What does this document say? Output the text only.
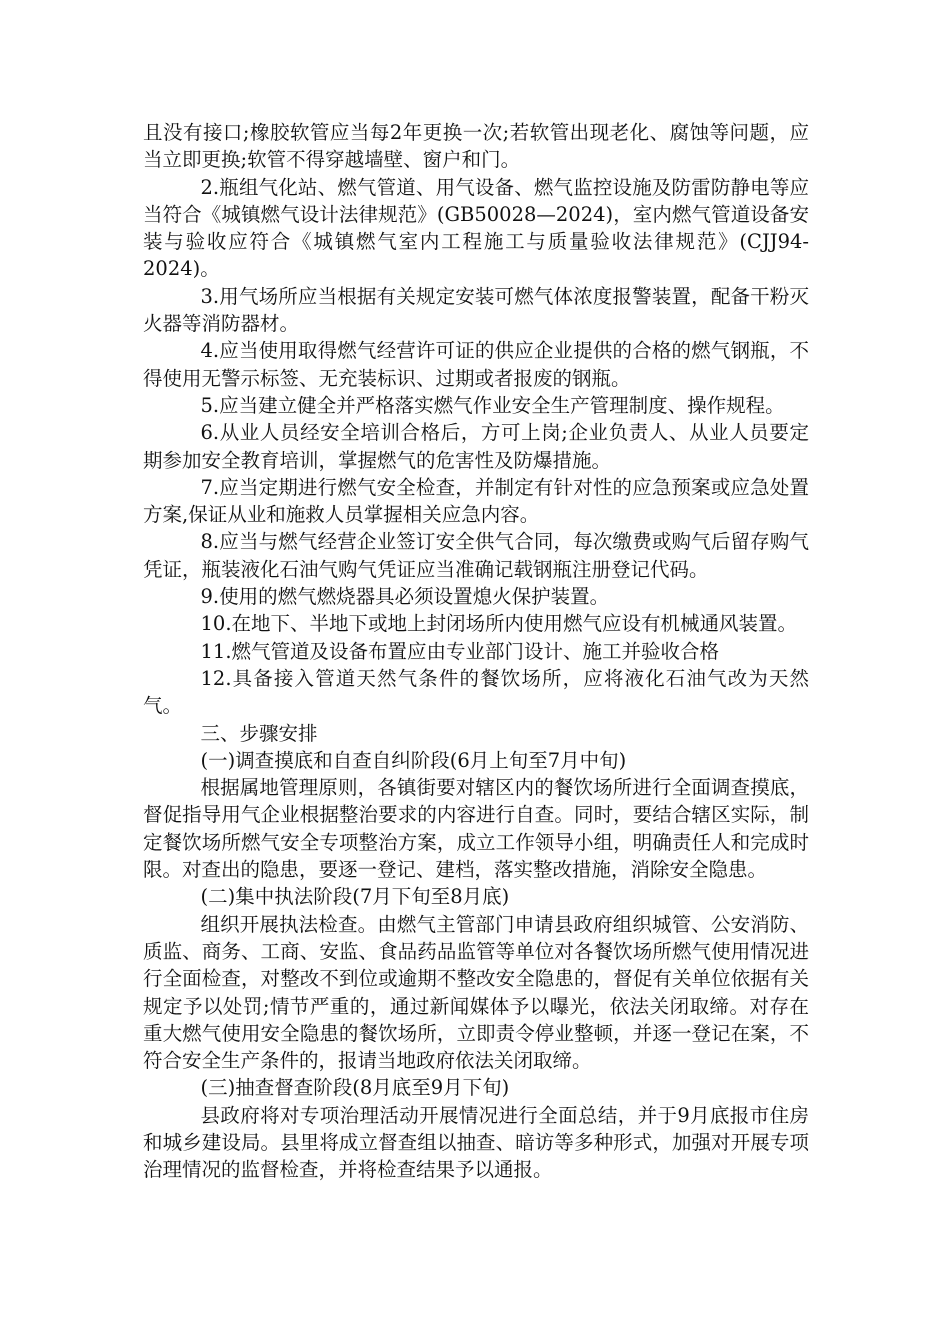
且没有接口;橡胶软管应当每2年更换一次;若软管出现老化、腐蚀等问题，应当立即更换;软管不得穿越墙壁、窗户和门。

2.瓶组气化站、燃气管道、用气设备、燃气监控设施及防雷防静电等应当符合《城镇燃气设计法律规范》(GB50028—2024)，室内燃气管道设备安装与验收应符合《城镇燃气室内工程施工与质量验收法律规范》(CJJ94-2024)。

3.用气场所应当根据有关规定安装可燃气体浓度报警装置，配备干粉灭火器等消防器材。

4.应当使用取得燃气经营许可证的供应企业提供的合格的燃气钢瓶，不得使用无警示标签、无充装标识、过期或者报废的钢瓶。

5.应当建立健全并严格落实燃气作业安全生产管理制度、操作规程。

6.从业人员经安全培训合格后，方可上岗;企业负责人、从业人员要定期参加安全教育培训，掌握燃气的危害性及防爆措施。

7.应当定期进行燃气安全检查，并制定有针对性的应急预案或应急处置方案,保证从业和施救人员掌握相关应急内容。

8.应当与燃气经营企业签订安全供气合同，每次缴费或购气后留存购气凭证，瓶装液化石油气购气凭证应当准确记载钢瓶注册登记代码。

9.使用的燃气燃烧器具必须设置熄火保护装置。

10.在地下、半地下或地上封闭场所内使用燃气应设有机械通风装置。

11.燃气管道及设备布置应由专业部门设计、施工并验收合格

12.具备接入管道天然气条件的餐饮场所，应将液化石油气改为天然气。

三、步骤安排

(一)调查摸底和自查自纠阶段(6月上旬至7月中旬)

根据属地管理原则，各镇街要对辖区内的餐饮场所进行全面调查摸底，督促指导用气企业根据整治要求的内容进行自查。同时，要结合辖区实际，制定餐饮场所燃气安全专项整治方案，成立工作领导小组，明确责任人和完成时限。对查出的隐患，要逐一登记、建档，落实整改措施，消除安全隐患。

(二)集中执法阶段(7月下旬至8月底)

组织开展执法检查。由燃气主管部门申请县政府组织城管、公安消防、质监、商务、工商、安监、食品药品监管等单位对各餐饮场所燃气使用情况进行全面检查，对整改不到位或逾期不整改安全隐患的，督促有关单位依据有关规定予以处罚;情节严重的，通过新闻媒体予以曝光，依法关闭取缔。对存在重大燃气使用安全隐患的餐饮场所，立即责令停业整顿，并逐一登记在案，不符合安全生产条件的，报请当地政府依法关闭取缔。

(三)抽查督查阶段(8月底至9月下旬)

县政府将对专项治理活动开展情况进行全面总结，并于9月底报市住房和城乡建设局。县里将成立督查组以抽查、暗访等多种形式，加强对开展专项治理情况的监督检查，并将检查结果予以通报。
